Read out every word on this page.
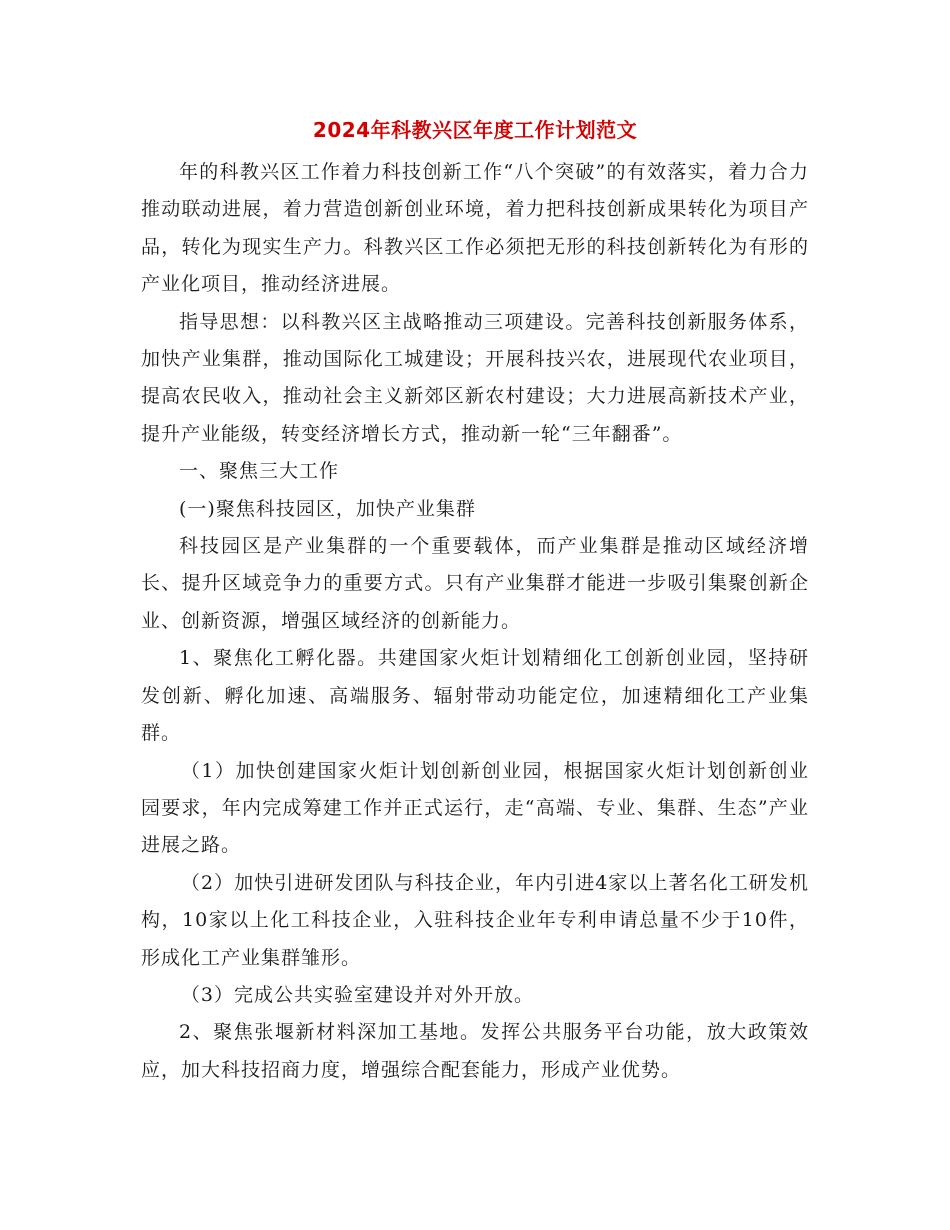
2024年科教兴区年度工作计划范文

年的科教兴区工作着力科技创新工作“八个突破”的有效落实，着力合力推动联动进展，着力营造创新创业环境，着力把科技创新成果转化为项目产品，转化为现实生产力。科教兴区工作必须把无形的科技创新转化为有形的产业化项目，推动经济进展。

指导思想：以科教兴区主战略推动三项建设。完善科技创新服务体系，加快产业集群，推动国际化工城建设；开展科技兴农，进展现代农业项目，提高农民收入，推动社会主义新郊区新农村建设；大力进展高新技术产业，提升产业能级，转变经济增长方式，推动新一轮“三年翻番”。

一、聚焦三大工作

(一)聚焦科技园区，加快产业集群

科技园区是产业集群的一个重要载体，而产业集群是推动区域经济增长、提升区域竞争力的重要方式。只有产业集群才能进一步吸引集聚创新企业、创新资源，增强区域经济的创新能力。

1、聚焦化工孵化器。共建国家火炬计划精细化工创新创业园，坚持研发创新、孵化加速、高端服务、辐射带动功能定位，加速精细化工产业集群。

（1）加快创建国家火炬计划创新创业园，根据国家火炬计划创新创业园要求，年内完成筹建工作并正式运行，走“高端、专业、集群、生态”产业进展之路。

（2）加快引进研发团队与科技企业，年内引进4家以上著名化工研发机构，10家以上化工科技企业，入驻科技企业年专利申请总量不少于10件，形成化工产业集群雏形。

（3）完成公共实验室建设并对外开放。

2、聚焦张堰新材料深加工基地。发挥公共服务平台功能，放大政策效应，加大科技招商力度，增强综合配套能力，形成产业优势。
